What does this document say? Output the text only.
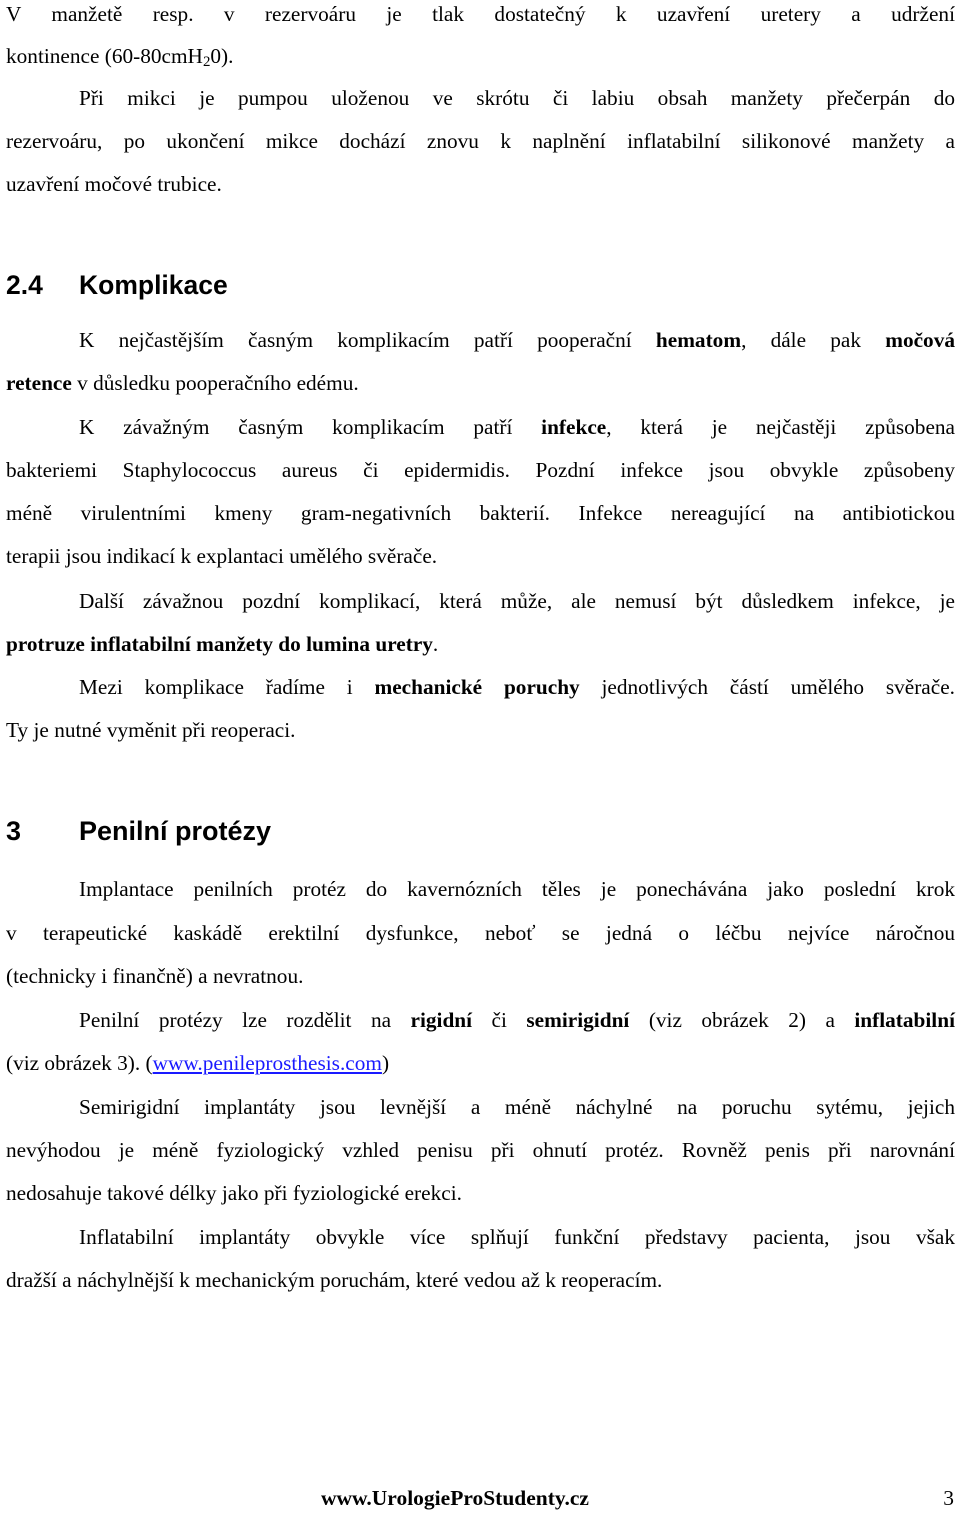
V manžetě resp. v rezervoáru je tlak dostatečný k uzavření uretery a udržení
kontinence (60-80cmH$_2$0).
Při mikci je pumpou uloženou ve skrótu či labiu obsah manžety přečerpán do
rezervoáru, po ukončení mikce dochází znovu k naplnění inflatabilní silikonové manžety a
uzavření močové trubice.
2.4 Komplikace
K nejčastějším časným komplikacím patří pooperační hematom, dále pak močová
retence v důsledku pooperačního edému.
K závažným časným komplikacím patří infekce, která je nejčastěji způsobena
bakteriemi Staphylococcus aureus či epidermidis. Pozdní infekce jsou obvykle způsobeny
méně virulentními kmeny gram-negativních bakterií. Infekce nereagující na antibiotickou
terapii jsou indikací k explantaci umělého svěrače.
Další závažnou pozdní komplikací, která může, ale nemusí být důsledkem infekce, je
protruze inflatabilní manžety do lumina uretry.
Mezi komplikace řadíme i mechanické poruchy jednotlivých částí umělého svěrače.
Ty je nutné vyměnit při reoperaci.
3 Penilní protézy
Implantace penilních protéz do kavernózních těles je ponechávána jako poslední krok
v terapeutické kaskádě erektilní dysfunkce, neboť se jedná o léčbu nejvíce náročnou
(technicky i finančně) a nevratnou.
Penilní protézy lze rozdělit na rigidní či semirigidní (viz obrázek 2) a inflatabilní
(viz obrázek 3). (www.penileprosthesis.com)
Semirigidní implantáty jsou levnější a méně náchylné na poruchu sytému, jejich
nevýhodou je méně fyziologický vzhled penisu při ohnutí protéz. Rovněž penis při narovnání
nedosahuje takové délky jako při fyziologické erekci.
Inflatabilní implantáty obvykle více splňují funkční představy pacienta, jsou však
dražší a náchylnější k mechanickým poruchám, které vedou až k reoperacím.
www.UrologieProStudenty.cz	3
